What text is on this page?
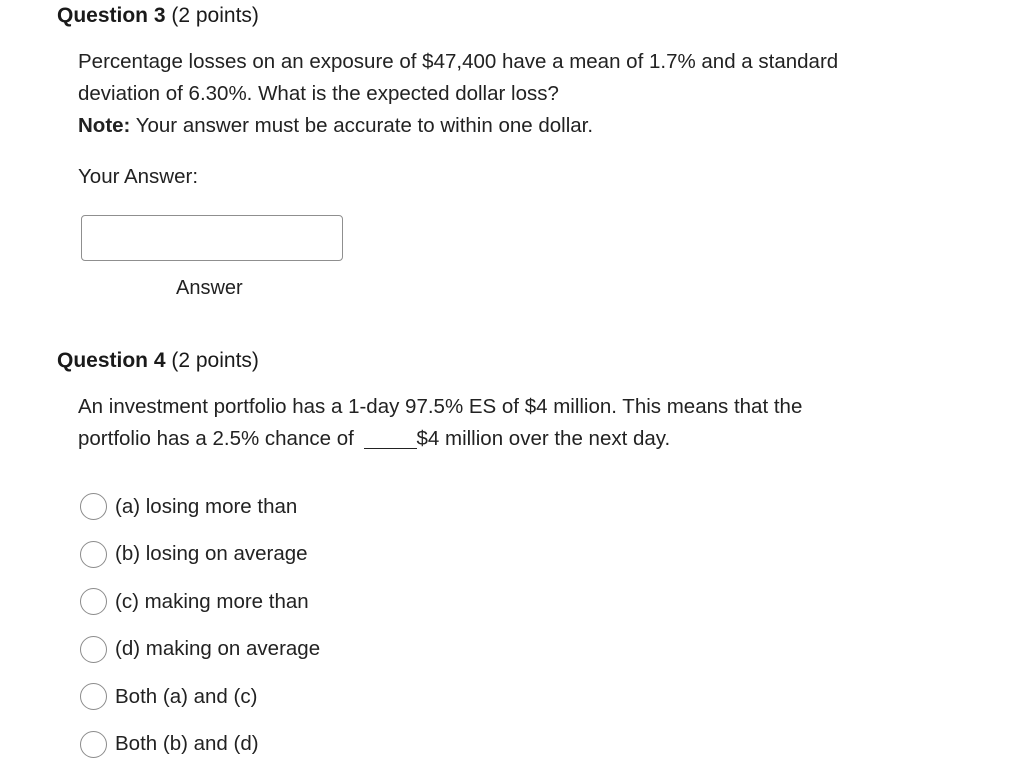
Question 3 (2 points)

Percentage losses on an exposure of $47,400 have a mean of 1.7% and a standard

deviation of 6.30%. What is the expected dollar loss?

Note: Your answer must be accurate to within one dollar.

Your Answer:
Answer
Question 4 (2 points)

An investment portfolio has a 1-day 97.5% ES of $4 million. This means that the

portfolio has a 2.5% chance of	$4 million over the next day.

(a) losing more than
(b) losing on average
(c) making more than
(d) making on average
Both (a) and (c)
Both (b) and (d)
